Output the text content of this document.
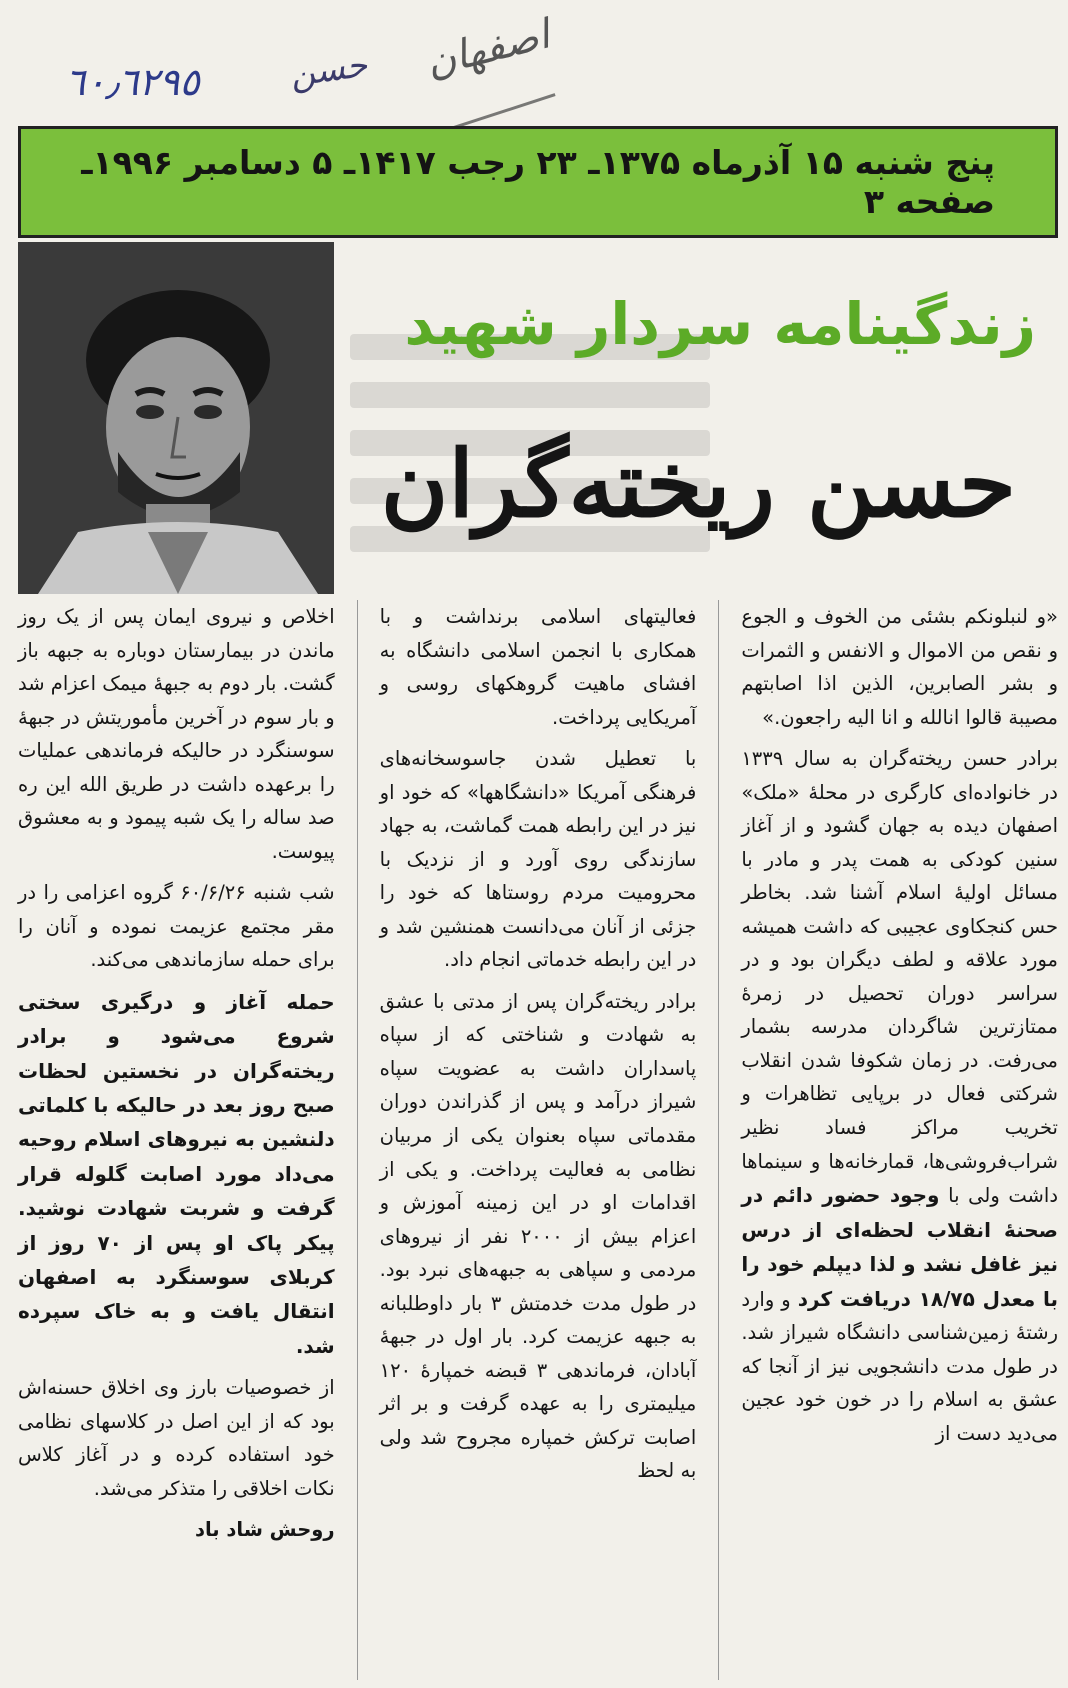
٦٠٫٦٢٩٥	حسن اصفهان
پنج شنبه ۱۵ آذرماه ۱۳۷۵ـ ۲۳ رجب ۱۴۱۷ـ ۵ دسامبر ۱۹۹۶ـ صفحه ۳
زندگینامه سردار شهید
حسن ریخته‌گران

«و لنبلونکم بشئی من الخوف و الجوع و نقص من الاموال و الانفس و الثمرات و بشر الصابرین، الذین اذا اصابتهم مصیبة قالوا انالله و انا الیه راجعون.»

برادر حسن ریخته‌گران به سال ۱۳۳۹ در خانواده‌ای کارگری در محلهٔ «ملک» اصفهان دیده به جهان گشود و از آغاز سنین کودکی به همت پدر و مادر با مسائل اولیهٔ اسلام آشنا شد. بخاطر حس کنجکاوی عجیبی که داشت همیشه مورد علاقه و لطف دیگران بود و در سراسر دوران تحصیل در زمرهٔ ممتازترین شاگردان مدرسه بشمار می‌رفت. در زمان شکوفا شدن انقلاب شرکتی فعال در برپایی تظاهرات و تخریب مراکز فساد نظیر شراب‌فروشی‌ها، قمارخانه‌ها و سینماها داشت ولی با وجود حضور دائم در صحنهٔ انقلاب لحظه‌ای از درس نیز غافل نشد و لذا دیپلم خود را با معدل ۱۸/۷۵ دریافت کرد و وارد رشتهٔ زمین‌شناسی دانشگاه شیراز شد. در طول مدت دانشجویی نیز از آنجا که عشق به اسلام را در خون خود عجین می‌دید دست از

فعالیتهای اسلامی برنداشت و با همکاری با انجمن اسلامی دانشگاه به افشای ماهیت گروهکهای روسی و آمریکایی پرداخت.

با تعطیل شدن جاسوسخانه‌های فرهنگی آمریکا «دانشگاهها» که خود او نیز در این رابطه همت گماشت، به جهاد سازندگی روی آورد و از نزدیک با محرومیت مردم روستاها که خود را جزئی از آنان می‌دانست همنشین شد و در این رابطه خدماتی انجام داد.

برادر ریخته‌گران پس از مدتی با عشق به شهادت و شناختی که از سپاه پاسداران داشت به عضویت سپاه شیراز درآمد و پس از گذراندن دوران مقدماتی سپاه بعنوان یکی از مربیان نظامی به فعالیت پرداخت. و یکی از اقدامات او در این زمینه آموزش و اعزام بیش از ۲۰۰۰ نفر از نیروهای مردمی و سپاهی به جبهه‌های نبرد بود. در طول مدت خدمتش ۳ بار داوطلبانه به جبهه عزیمت کرد. بار اول در جبههٔ آبادان، فرماندهی ۳ قبضه خمپارهٔ ۱۲۰ میلیمتری را به عهده گرفت و بر اثر اصابت ترکش خمپاره مجروح شد ولی به لحظ

اخلاص و نیروی ایمان پس از یک روز ماندن در بیمارستان دوباره به جبهه باز گشت. بار دوم به جبههٔ میمک اعزام شد و بار سوم در آخرین مأموریتش در جبههٔ سوسنگرد در حالیکه فرماندهی عملیات را برعهده داشت در طریق الله این ره صد ساله را یک شبه پیمود و به معشوق پیوست.

شب شنبه ۶۰/۶/۲۶ گروه اعزامی را در مقر مجتمع عزیمت نموده و آنان را برای حمله سازماندهی می‌کند.

حمله آغاز و درگیری سختی شروع می‌شود و برادر ریخته‌گران در نخستین لحظات صبح روز بعد در حالیکه با کلماتی دلنشین به نیروهای اسلام روحیه می‌داد مورد اصابت گلوله قرار گرفت و شربت شهادت نوشید. پیکر پاک او پس از ۷۰ روز از کربلای سوسنگرد به اصفهان انتقال یافت و به خاک سپرده شد.

از خصوصیات بارز وی اخلاق حسنه‌اش بود که از این اصل در کلاسهای نظامی خود استفاده کرده و در آغاز کلاس نکات اخلاقی را متذکر می‌شد.

روحش شاد باد
